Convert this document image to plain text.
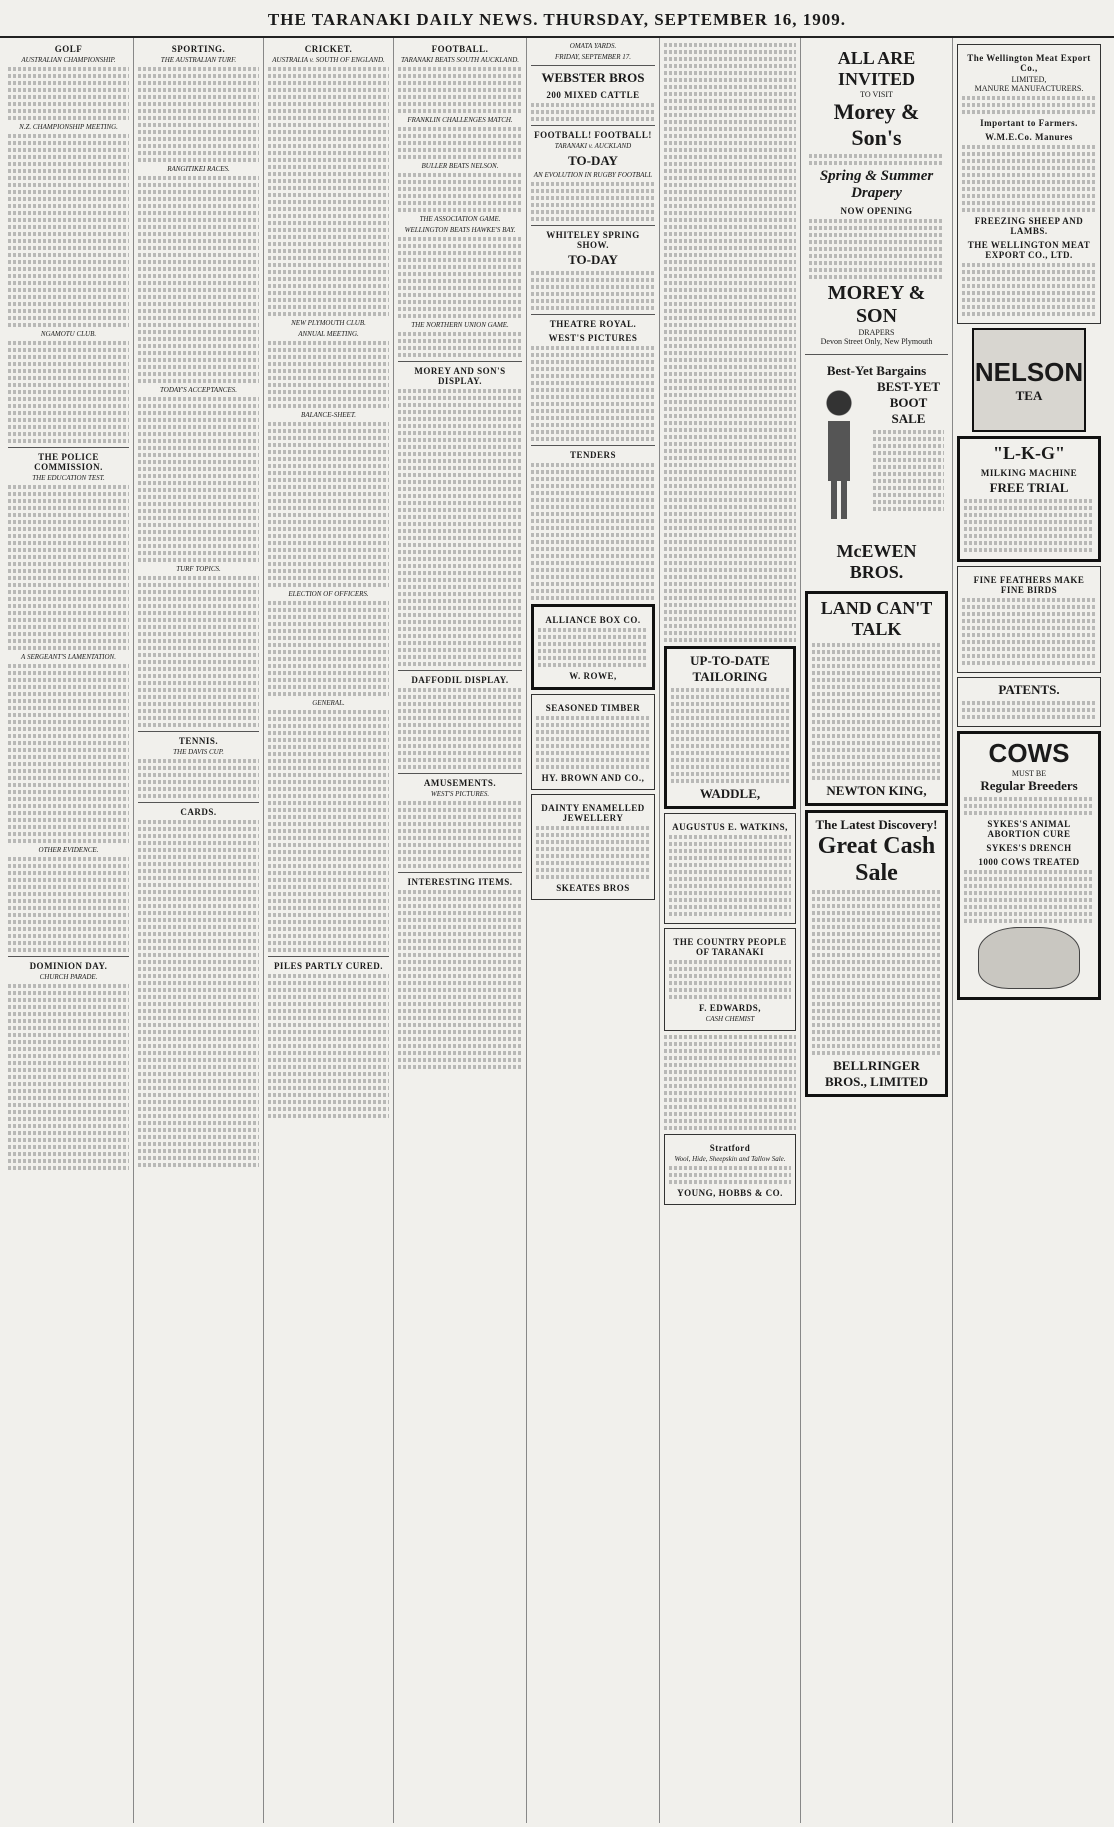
THE TARANAKI DAILY NEWS. THURSDAY, SEPTEMBER 16, 1909.
GOLF
AUSTRALIAN CHAMPIONSHIP.
N.Z. CHAMPIONSHIP MEETING.
NGAMOTU CLUB.
THE POLICE COMMISSION.
THE EDUCATION TEST.
A SERGEANT'S LAMENTATION.
OTHER EVIDENCE.
DOMINION DAY.
CHURCH PARADE.
SPORTING.
THE AUSTRALIAN TURF.
RANGITIKEI RACES.
TODAY'S ACCEPTANCES.
TURF TOPICS.
TENNIS.
THE DAVIS CUP.
CARDS.
CRICKET.
AUSTRALIA v. SOUTH OF ENGLAND.
NEW PLYMOUTH CLUB.
ANNUAL MEETING.
BALANCE-SHEET.
ELECTION OF OFFICERS.
GENERAL.
PILES PARTLY CURED.
FOOTBALL.
TARANAKI BEATS SOUTH AUCKLAND.
FRANKLIN CHALLENGES MATCH.
BULLER BEATS NELSON.
THE ASSOCIATION GAME.
WELLINGTON BEATS HAWKE'S BAY.
THE NORTHERN UNION GAME.
MOREY AND SON'S DISPLAY.
DAFFODIL DISPLAY.
AMUSEMENTS.
WEST'S PICTURES.
INTERESTING ITEMS.
OMATA YARDS.
FRIDAY, SEPTEMBER 17.
WEBSTER BROS
200 MIXED CATTLE
FOOTBALL! FOOTBALL!
TARANAKI v. AUCKLAND
TO-DAY
AN EVOLUTION IN RUGBY FOOTBALL
WHITELEY SPRING SHOW.
TO-DAY
THEATRE ROYAL.
WEST'S PICTURES
TENDERS
ALLIANCE BOX CO.
W. ROWE,
SEASONED TIMBER
HY. BROWN AND CO.,
DAINTY ENAMELLED JEWELLERY
SKEATES BROS
UP-TO-DATE TAILORING
WADDLE,
AUGUSTUS E. WATKINS,
THE COUNTRY PEOPLE OF TARANAKI
F. EDWARDS,
CASH CHEMIST
Stratford
Wool, Hide, Sheepskin and Tallow Sale.
YOUNG, HOBBS & CO.
ALL ARE INVITED
TO VISIT
Morey & Son's
Spring & Summer Drapery
NOW OPENING
MOREY & SON
DRAPERS
Devon Street Only, New Plymouth
Best-Yet Bargains
BEST-YET BOOT SALE
McEWEN BROS.
LAND CAN'T TALK
NEWTON KING,
The Latest Discovery!
Great Cash Sale
BELLRINGER BROS., LIMITED
The Wellington Meat Export Co.,
LIMITED,
MANURE MANUFACTURERS.
Important to Farmers.
W.M.E.Co. Manures
FREEZING SHEEP AND LAMBS.
THE WELLINGTON MEAT EXPORT CO., LTD.
NELSON
TEA
"L-K-G"
MILKING MACHINE
FREE TRIAL
FINE FEATHERS MAKE FINE BIRDS
PATENTS.
COWS
MUST BE
Regular Breeders
SYKES'S ANIMAL ABORTION CURE
SYKES'S DRENCH
1000 COWS TREATED
